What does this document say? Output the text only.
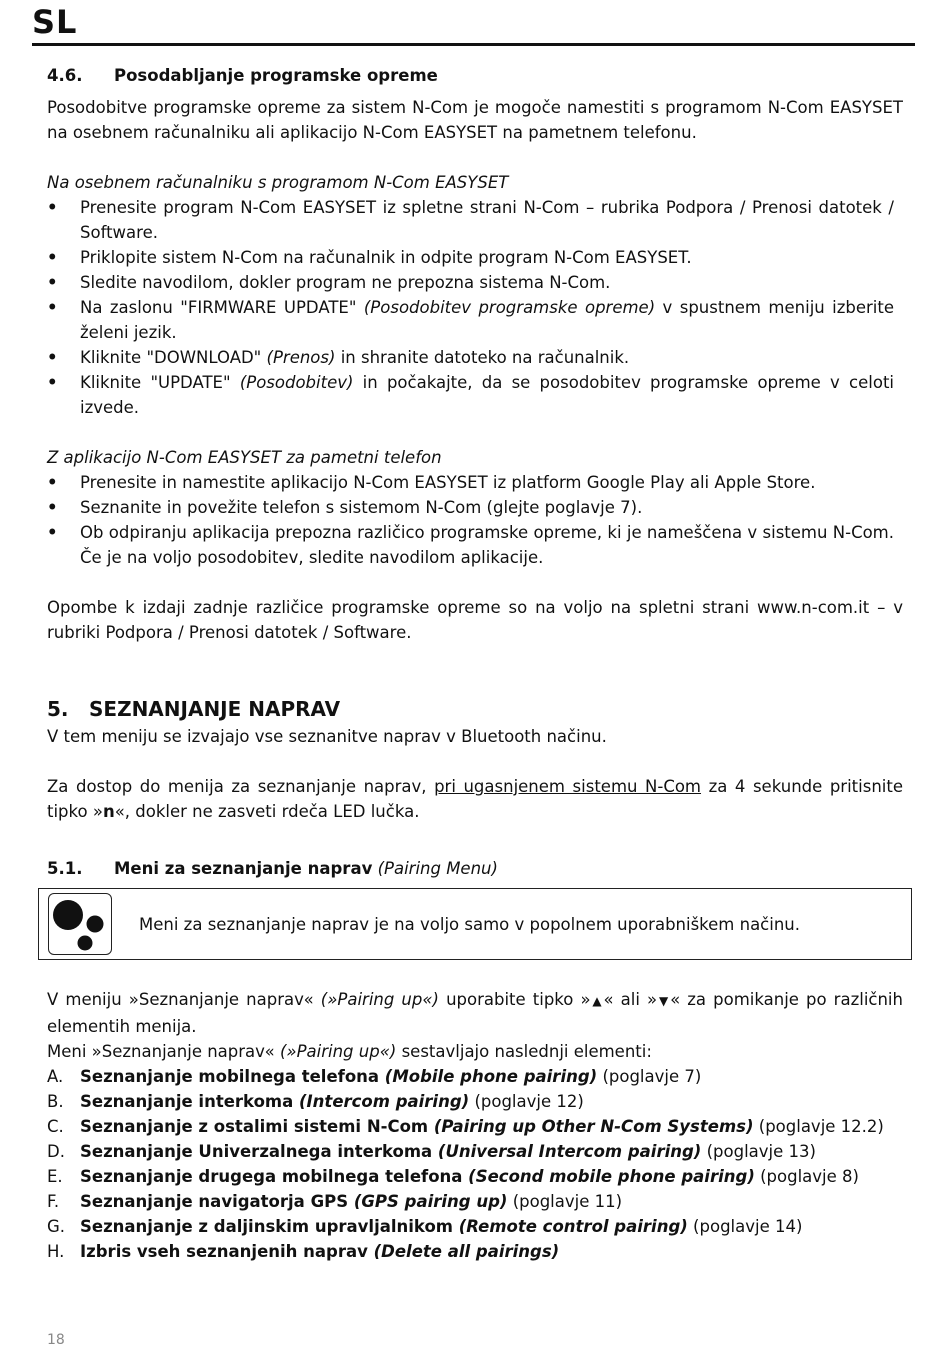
SL
4.6.	Posodabljanje programske opreme

Posodobitve programske opreme za sistem N-Com je mogoče namestiti s programom N-Com EASYSET na osebnem računalniku ali aplikacijo N-Com EASYSET na pametnem telefonu.

Na osebnem računalniku s programom N-Com EASYSET

• Prenesite program N-Com EASYSET iz spletne strani N-Com – rubrika Podpora / Prenosi datotek / Software.
• Priklopite sistem N-Com na računalnik in odpite program N-Com EASYSET.
• Sledite navodilom, dokler program ne prepozna sistema N-Com.
• Na zaslonu "FIRMWARE UPDATE" (Posodobitev programske opreme) v spustnem meniju izberite želeni jezik.
• Kliknite "DOWNLOAD" (Prenos) in shranite datoteko na računalnik.
• Kliknite "UPDATE" (Posodobitev) in počakajte, da se posodobitev programske opreme v celoti izvede.

Z aplikacijo N-Com EASYSET za pametni telefon

• Prenesite in namestite aplikacijo N-Com EASYSET iz platform Google Play ali Apple Store.
• Seznanite in povežite telefon s sistemom N-Com (glejte poglavje 7).
• Ob odpiranju aplikacija prepozna različico programske opreme, ki je nameščena v sistemu N-Com. Če je na voljo posodobitev, sledite navodilom aplikacije.

Opombe k izdaji zadnje različice programske opreme so na voljo na spletni strani www.n-com.it – v rubriki Podpora / Prenosi datotek / Software.

5.	SEZNANJANJE NAPRAV

V tem meniju se izvajajo vse seznanitve naprav v Bluetooth načinu.

Za dostop do menija za seznanjanje naprav, pri ugasnjenem sistemu N-Com za 4 sekunde pritisnite tipko »n«, dokler ne zasveti rdeča LED lučka.

5.1.	Meni za seznanjanje naprav (Pairing Menu)
Meni za seznanjanje naprav je na voljo samo v popolnem uporabniškem načinu.

V meniju »Seznanjanje naprav« (»Pairing up«) uporabite tipko »▲« ali »▼« za pomikanje po različnih elementih menija.

Meni »Seznanjanje naprav« (»Pairing up«) sestavljajo naslednji elementi:

A.	Seznanjanje mobilnega telefona (Mobile phone pairing) (poglavje 7)
B. Seznanjanje interkoma (Intercom pairing) (poglavje 12)
C. Seznanjanje z ostalimi sistemi N-Com (Pairing up Other N-Com Systems) (poglavje 12.2)
D. Seznanjanje Univerzalnega interkoma (Universal Intercom pairing) (poglavje 13)
E.	Seznanjanje drugega mobilnega telefona (Second mobile phone pairing) (poglavje 8)
F.	Seznanjanje navigatorja GPS (GPS pairing up) (poglavje 11)
G. Seznanjanje z daljinskim upravljalnikom (Remote control pairing) (poglavje 14)
H. Izbris vseh seznanjenih naprav (Delete all pairings)
18
